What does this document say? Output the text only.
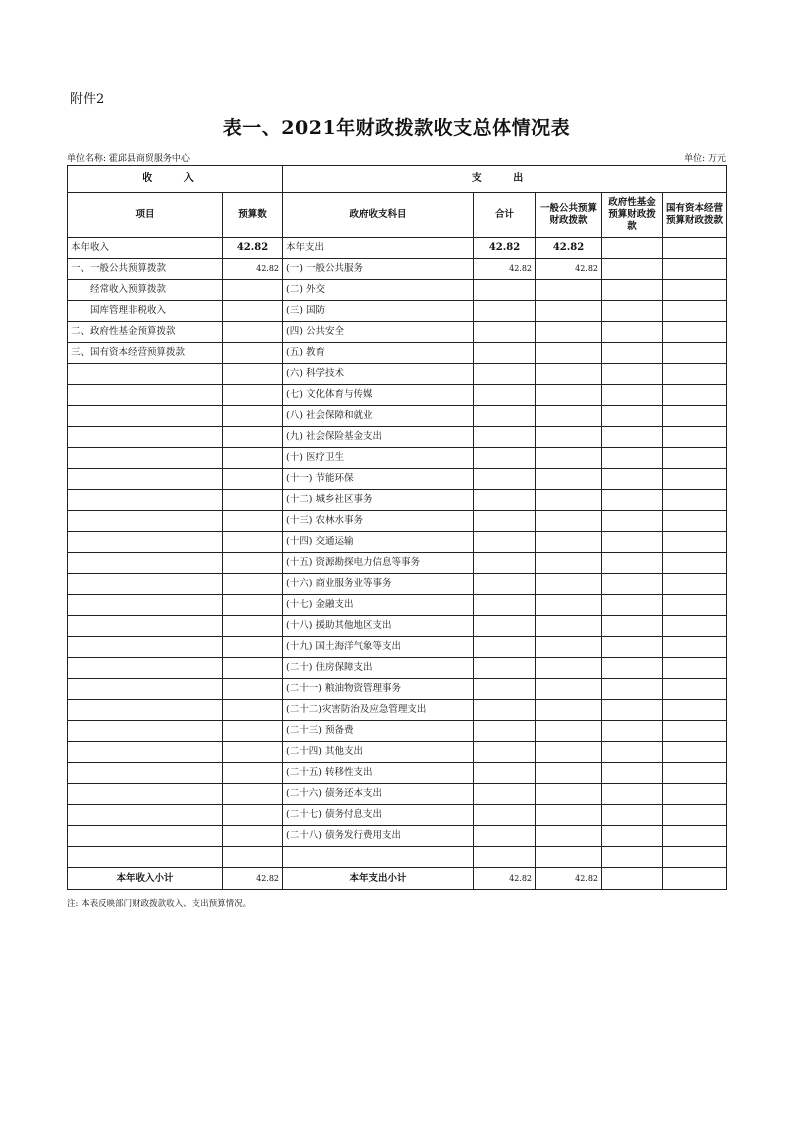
附件2
表一、2021年财政拨款收支总体情况表
单位名称: 霍邱县商贸服务中心	单位: 万元
收 入		支 出				
项目	预算数	政府收支科目	合计	一般公共预算财政拨款	政府性基金预算财政拨款	国有资本经营预算财政拨款
本年收入	42.82	本年支出	42.82	42.82		
一、一般公共预算拨款	42.82	(一) 一般公共服务	42.82	42.82		
经常收入预算拨款		(二) 外交				
国库管理非税收入		(三) 国防				
二、政府性基金预算拨款		(四) 公共安全				
三、国有资本经营预算拨款		(五) 教育				
		(六) 科学技术				
		(七) 文化体育与传媒				
		(八) 社会保障和就业				
		(九) 社会保险基金支出				
		(十) 医疗卫生				
		(十一) 节能环保				
		(十二) 城乡社区事务				
		(十三) 农林水事务				
		(十四) 交通运输				
		(十五) 资源勘探电力信息等事务				
		(十六) 商业服务业等事务				
		(十七) 金融支出				
		(十八) 援助其他地区支出				
		(十九) 国土海洋气象等支出				
		(二十) 住房保障支出				
		(二十一) 粮油物资管理事务				
		(二十二)灾害防治及应急管理支出				
		(二十三) 预备费				
		(二十四) 其他支出				
		(二十五) 转移性支出				
		(二十六) 债务还本支出				
		(二十七) 债务付息支出				
		(二十八) 债务发行费用支出				

本年收入小计	42.82	本年支出小计	42.82	42.82		
注: 本表反映部门财政拨款收入、支出预算情况。
